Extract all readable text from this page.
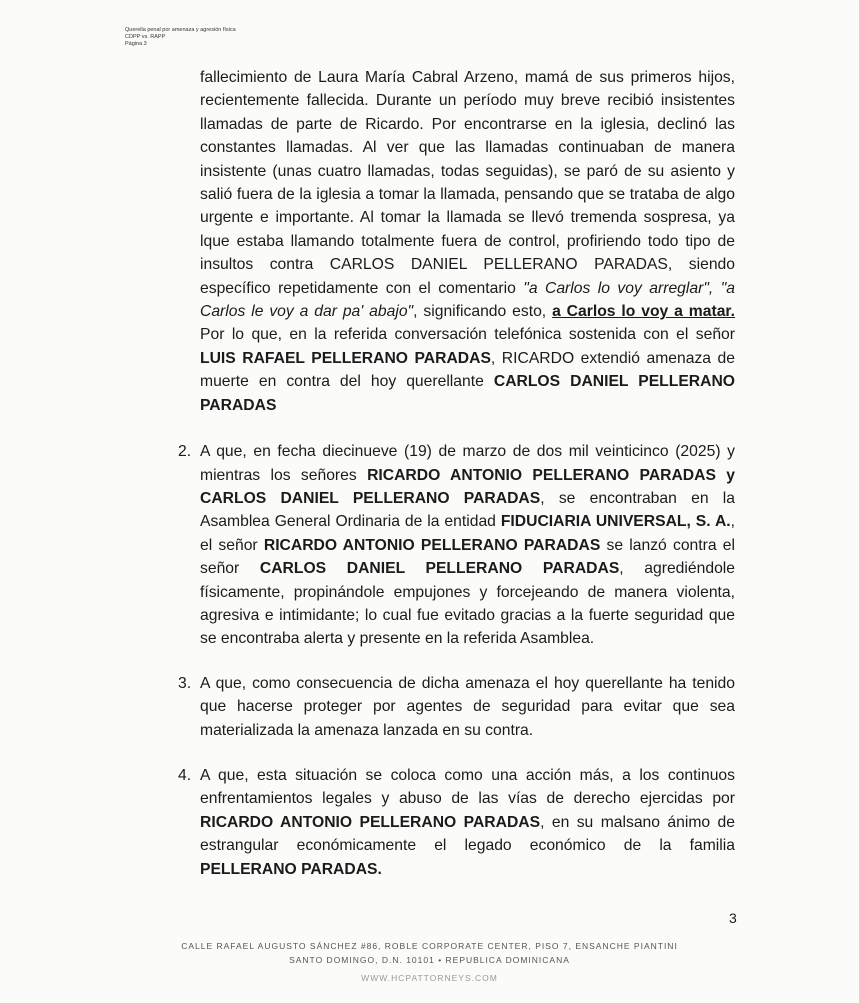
Querella penal por amenaza y agresión física
CDPP vs. RAPP
Página 3

fallecimiento de Laura María Cabral Arzeno, mamá de sus primeros hijos, recientemente fallecida. Durante un período muy breve recibió insistentes llamadas de parte de Ricardo. Por encontrarse en la iglesia, declinó las constantes llamadas. Al ver que las llamadas continuaban de manera insistente (unas cuatro llamadas, todas seguidas), se paró de su asiento y salió fuera de la iglesia a tomar la llamada, pensando que se trataba de algo urgente e importante. Al tomar la llamada se llevó tremenda sospresa, ya lque estaba llamando totalmente fuera de control, profiriendo todo tipo de insultos contra CARLOS DANIEL PELLERANO PARADAS, siendo específico repetidamente con el comentario "a Carlos lo voy arreglar", "a Carlos le voy a dar pa' abajo", significando esto, a Carlos lo voy a matar. Por lo que, en la referida conversación telefónica sostenida con el señor LUIS RAFAEL PELLERANO PARADAS, RICARDO extendió amenaza de muerte en contra del hoy querellante CARLOS DANIEL PELLERANO PARADAS

2. A que, en fecha diecinueve (19) de marzo de dos mil veinticinco (2025) y mientras los señores RICARDO ANTONIO PELLERANO PARADAS y CARLOS DANIEL PELLERANO PARADAS, se encontraban en la Asamblea General Ordinaria de la entidad FIDUCIARIA UNIVERSAL, S. A., el señor RICARDO ANTONIO PELLERANO PARADAS se lanzó contra el señor CARLOS DANIEL PELLERANO PARADAS, agrediéndole físicamente, propinándole empujones y forcejeando de manera violenta, agresiva e intimidante; lo cual fue evitado gracias a la fuerte seguridad que se encontraba alerta y presente en la referida Asamblea.

3. A que, como consecuencia de dicha amenaza el hoy querellante ha tenido que hacerse proteger por agentes de seguridad para evitar que sea materializada la amenaza lanzada en su contra.

4. A que, esta situación se coloca como una acción más, a los continuos enfrentamientos legales y abuso de las vías de derecho ejercidas por RICARDO ANTONIO PELLERANO PARADAS, en su malsano ánimo de estrangular económicamente el legado económico de la familia PELLERANO PARADAS.

3
CALLE RAFAEL AUGUSTO SÁNCHEZ #86, ROBLE CORPORATE CENTER, PISO 7, ENSANCHE PIANTINI
SANTO DOMINGO, D.N. 10101 • REPUBLICA DOMINICANA
WWW.HCPATTORNEYS.COM
